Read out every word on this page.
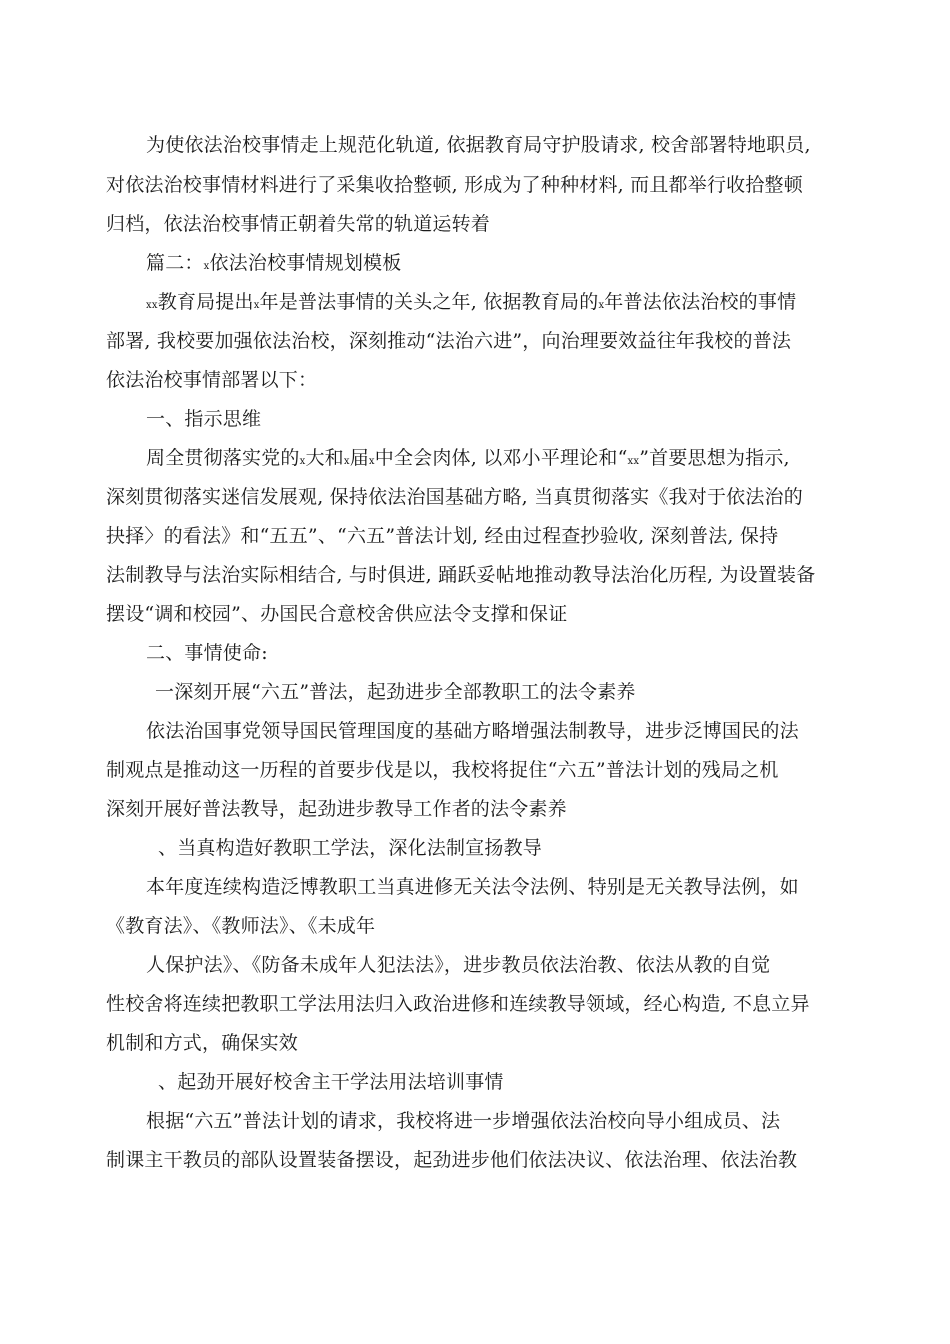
为使依法治校事情走上规范化轨道, 依据教育局守护股请求, 校舍部署特地职员,
对依法治校事情材料进行了采集收拾整顿, 形成为了种种材料, 而且都举行收拾整顿
归档，依法治校事情正朝着失常的轨道运转着
篇二：x依法治校事情规划模板
xx教育局提出x年是普法事情的关头之年, 依据教育局的x年普法依法治校的事情
部署, 我校要加强依法治校，深刻推动“法治六进”，向治理要效益往年我校的普法
依法治校事情部署以下：
一、指示思维
周全贯彻落实党的x大和x届x中全会肉体, 以邓小平理论和“xx”首要思想为指示,
深刻贯彻落实迷信发展观, 保持依法治国基础方略, 当真贯彻落实《我对于依法治的
抉择〉的看法》和“五五”、“六五”普法计划, 经由过程查抄验收, 深刻普法, 保持
法制教导与法治实际相结合, 与时俱进, 踊跃妥帖地推动教导法治化历程, 为设置装备
摆设“调和校园”、办国民合意校舍供应法令支撑和保证
二、事情使命:
一深刻开展“六五”普法，起劲进步全部教职工的法令素养
依法治国事党领导国民管理国度的基础方略增强法制教导，进步泛博国民的法
制观点是推动这一历程的首要步伐是以，我校将捉住“六五”普法计划的残局之机
深刻开展好普法教导，起劲进步教导工作者的法令素养
、当真构造好教职工学法，深化法制宣扬教导
本年度连续构造泛博教职工当真进修无关法令法例、特别是无关教导法例，如
《教育法》、《教师法》、《未成年
人保护法》、《防备未成年人犯法法》，进步教员依法治教、依法从教的自觉
性校舍将连续把教职工学法用法归入政治进修和连续教导领域，经心构造, 不息立异
机制和方式，确保实效
、起劲开展好校舍主干学法用法培训事情
根据“六五”普法计划的请求，我校将进一步增强依法治校向导小组成员、法
制课主干教员的部队设置装备摆设，起劲进步他们依法决议、依法治理、依法治教
